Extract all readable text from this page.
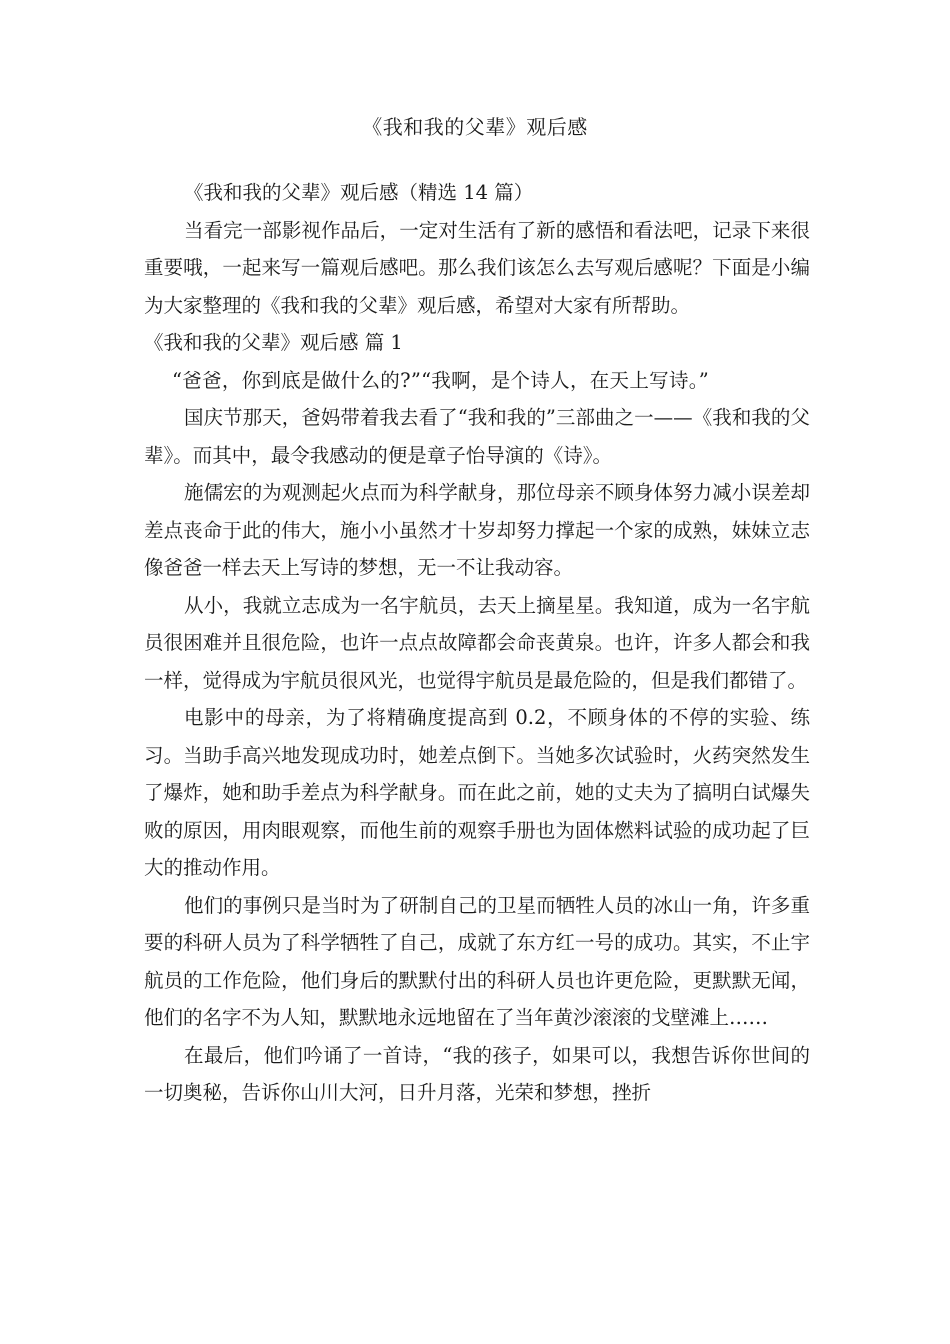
《我和我的父辈》观后感

《我和我的父辈》观后感（精选 14 篇）

当看完一部影视作品后，一定对生活有了新的感悟和看法吧，记录下来很重要哦，一起来写一篇观后感吧。那么我们该怎么去写观后感呢？下面是小编为大家整理的《我和我的父辈》观后感，希望对大家有所帮助。

《我和我的父辈》观后感 篇 1

“爸爸，你到底是做什么的?”“我啊，是个诗人，在天上写诗。”

国庆节那天，爸妈带着我去看了“我和我的”三部曲之一——《我和我的父辈》。而其中，最令我感动的便是章子怡导演的《诗》。

施儒宏的为观测起火点而为科学献身，那位母亲不顾身体努力减小误差却差点丧命于此的伟大，施小小虽然才十岁却努力撑起一个家的成熟，妹妹立志像爸爸一样去天上写诗的梦想，无一不让我动容。

从小，我就立志成为一名宇航员，去天上摘星星。我知道，成为一名宇航员很困难并且很危险，也许一点点故障都会命丧黄泉。也许，许多人都会和我一样，觉得成为宇航员很风光，也觉得宇航员是最危险的，但是我们都错了。

电影中的母亲，为了将精确度提高到 0.2，不顾身体的不停的实验、练习。当助手高兴地发现成功时，她差点倒下。当她多次试验时，火药突然发生了爆炸，她和助手差点为科学献身。而在此之前，她的丈夫为了搞明白试爆失败的原因，用肉眼观察，而他生前的观察手册也为固体燃料试验的成功起了巨大的推动作用。

他们的事例只是当时为了研制自己的卫星而牺牲人员的冰山一角，许多重要的科研人员为了科学牺牲了自己，成就了东方红一号的成功。其实，不止宇航员的工作危险，他们身后的默默付出的科研人员也许更危险，更默默无闻，他们的名字不为人知，默默地永远地留在了当年黄沙滚滚的戈壁滩上……

在最后，他们吟诵了一首诗，“我的孩子，如果可以，我想告诉你世间的一切奥秘，告诉你山川大河，日升月落，光荣和梦想，挫折
